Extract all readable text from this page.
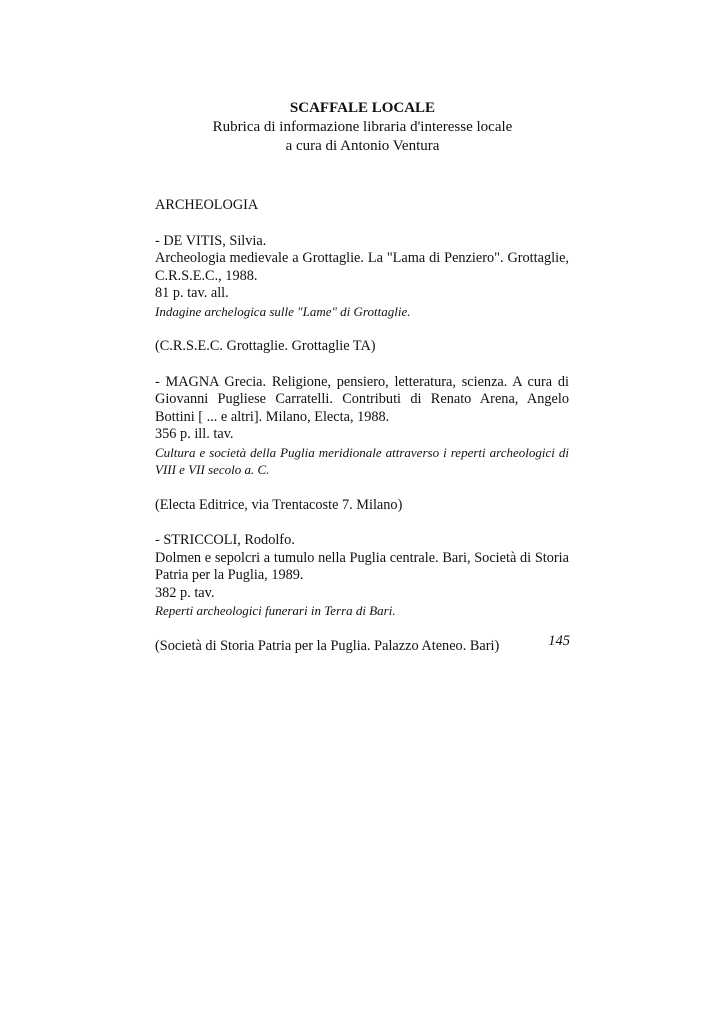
SCAFFALE LOCALE
Rubrica di informazione libraria d'interesse locale
a cura di Antonio Ventura
ARCHEOLOGIA
- DE VITIS, Silvia.
Archeologia medievale a Grottaglie. La "Lama di Penziero". Grottaglie, C.R.S.E.C., 1988.
81 p. tav. all.
Indagine archelogica sulle "Lame" di Grottaglie.
(C.R.S.E.C. Grottaglie. Grottaglie TA)
- MAGNA Grecia. Religione, pensiero, letteratura, scienza. A cura di Giovanni Pugliese Carratelli. Contributi di Renato Arena, Angelo Bottini [ ... e altri]. Milano, Electa, 1988.
356 p. ill. tav.
Cultura e società della Puglia meridionale attraverso i reperti archeologici di VIII e VII secolo a. C.
(Electa Editrice, via Trentacoste 7. Milano)
- STRICCOLI, Rodolfo.
Dolmen e sepolcri a tumulo nella Puglia centrale. Bari, Società di Storia Patria per la Puglia, 1989.
382 p. tav.
Reperti archeologici funerari in Terra di Bari.
(Società di Storia Patria per la Puglia. Palazzo Ateneo. Bari)	145
